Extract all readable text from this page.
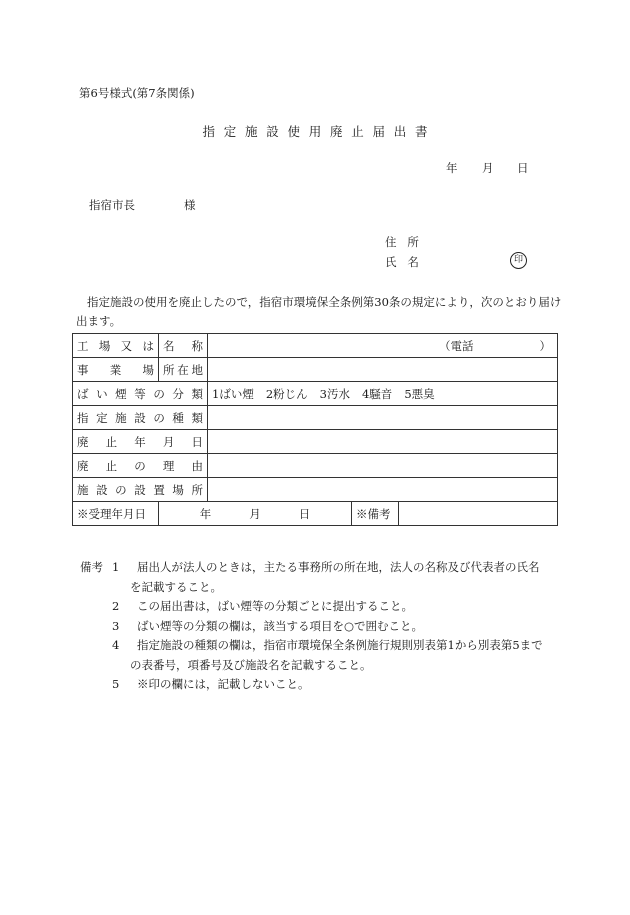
第6号様式(第7条関係)
指定施設使用廃止届出書
年 月 日
指宿市長	様
住所
氏名	印
指定施設の使用を廃止したので，指宿市環境保全条例第30条の規定により，次のとおり届け出ます。
工場又は	名称	（電話 ）		

事業場	所在地			
ばい煙等の分類		1ばい煙 2粉じん 3汚水 4騒音 5悪臭		
指定施設の種類				
廃止年月日				
廃止の理由				
施設の設置場所				
※受理年月日	年 月 日		※備考	
備考 1	届出人が法人のときは，主たる事務所の所在地，法人の名称及び代表者の氏名
を記載すること。
2	この届出書は，ばい煙等の分類ごとに提出すること。
3	ばい煙等の分類の欄は，該当する項目を○で囲むこと。
4	指定施設の種類の欄は，指宿市環境保全条例施行規則別表第1から別表第5まで
の表番号，項番号及び施設名を記載すること。
5	※印の欄には，記載しないこと。
